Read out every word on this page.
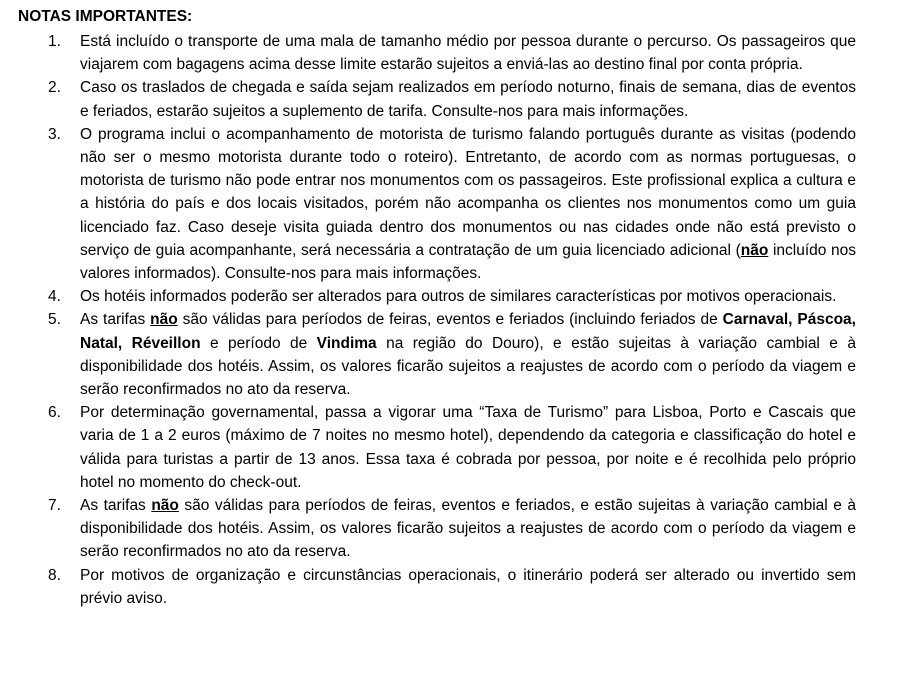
NOTAS IMPORTANTES:
1.	Está incluído o transporte de uma mala de tamanho médio por pessoa durante o percurso. Os passageiros que viajarem com bagagens acima desse limite estarão sujeitos a enviá-las ao destino final por conta própria.
2.	Caso os traslados de chegada e saída sejam realizados em período noturno, finais de semana, dias de eventos e feriados, estarão sujeitos a suplemento de tarifa. Consulte-nos para mais informações.
3.	O programa inclui o acompanhamento de motorista de turismo falando português durante as visitas (podendo não ser o mesmo motorista durante todo o roteiro). Entretanto, de acordo com as normas portuguesas, o motorista de turismo não pode entrar nos monumentos com os passageiros. Este profissional explica a cultura e a história do país e dos locais visitados, porém não acompanha os clientes nos monumentos como um guia licenciado faz. Caso deseje visita guiada dentro dos monumentos ou nas cidades onde não está previsto o serviço de guia acompanhante, será necessária a contratação de um guia licenciado adicional (não incluído nos valores informados). Consulte-nos para mais informações.
4.	Os hotéis informados poderão ser alterados para outros de similares características por motivos operacionais.
5.	As tarifas não são válidas para períodos de feiras, eventos e feriados (incluindo feriados de Carnaval, Páscoa, Natal, Réveillon e período de Vindima na região do Douro), e estão sujeitas à variação cambial e à disponibilidade dos hotéis. Assim, os valores ficarão sujeitos a reajustes de acordo com o período da viagem e serão reconfirmados no ato da reserva.
6.	Por determinação governamental, passa a vigorar uma “Taxa de Turismo” para Lisboa, Porto e Cascais que varia de 1 a 2 euros (máximo de 7 noites no mesmo hotel), dependendo da categoria e classificação do hotel e válida para turistas a partir de 13 anos. Essa taxa é cobrada por pessoa, por noite e é recolhida pelo próprio hotel no momento do check-out.
7.	As tarifas não são válidas para períodos de feiras, eventos e feriados, e estão sujeitas à variação cambial e à disponibilidade dos hotéis. Assim, os valores ficarão sujeitos a reajustes de acordo com o período da viagem e serão reconfirmados no ato da reserva.
8.	Por motivos de organização e circunstâncias operacionais, o itinerário poderá ser alterado ou invertido sem prévio aviso.
